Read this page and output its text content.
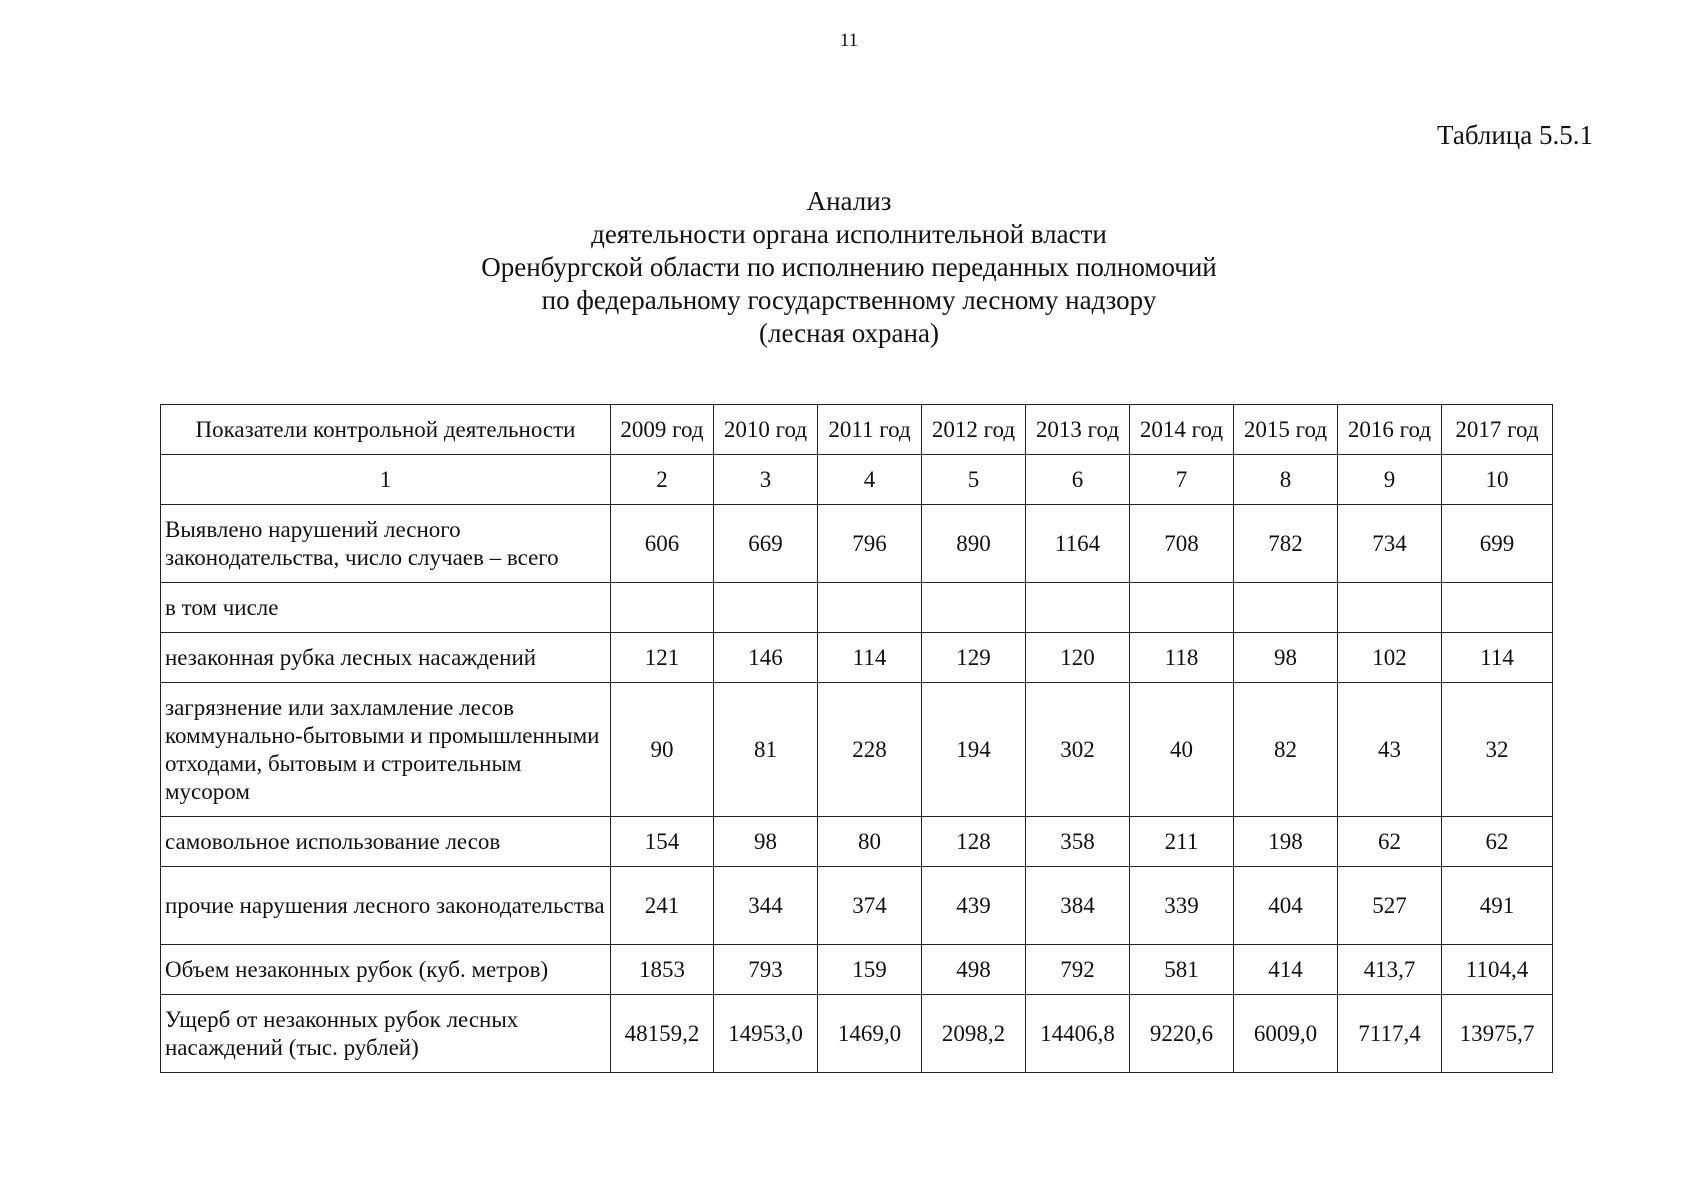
11
Таблица 5.5.1
Анализ
деятельности органа исполнительной власти
Оренбургской области по исполнению переданных полномочий
по федеральному государственному лесному надзору
(лесная охрана)
Показатели контрольной деятельности	2009 год	2010 год	2011 год	2012 год	2013 год	2014 год	2015 год	2016 год	2017 год
1	2	3	4	5	6	7	8	9	10
Выявлено нарушений лесного законодательства, число случаев – всего	606	669	796	890	1164	708	782	734	699
в том числе									
незаконная рубка лесных насаждений	121	146	114	129	120	118	98	102	114
загрязнение или захламление лесов коммунально-бытовыми и промышленными отходами, бытовым и строительным мусором	90	81	228	194	302	40	82	43	32
самовольное использование лесов	154	98	80	128	358	211	198	62	62
прочие нарушения лесного законодательства	241	344	374	439	384	339	404	527	491
Объем незаконных рубок (куб. метров)	1853	793	159	498	792	581	414	413,7	1104,4
Ущерб от незаконных рубок лесных насаждений (тыс. рублей)	48159,2	14953,0	1469,0	2098,2	14406,8	9220,6	6009,0	7117,4	13975,7
